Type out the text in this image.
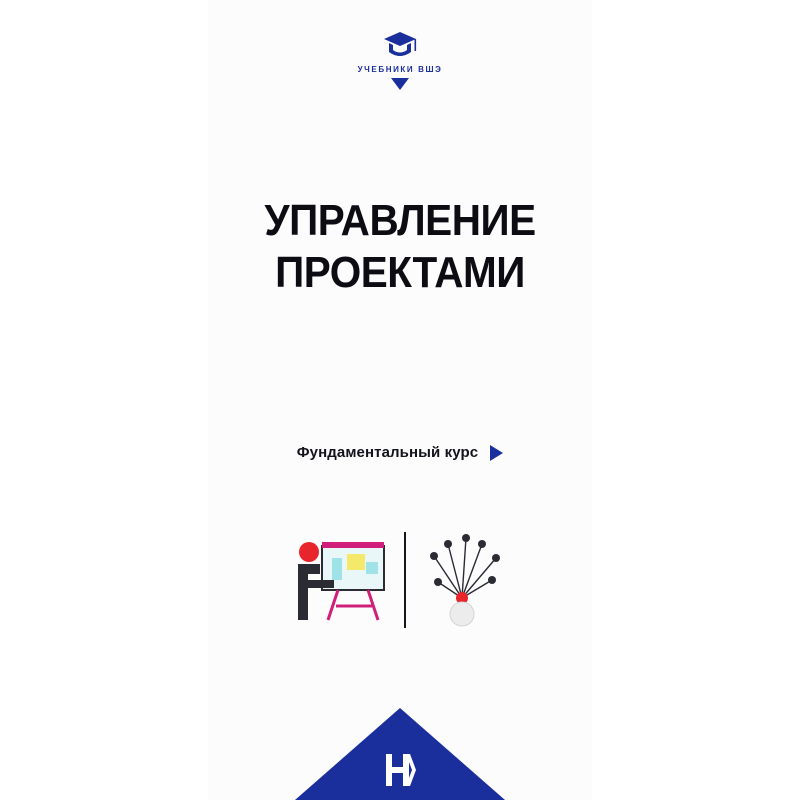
УЧЕБНИКИ ВШЭ
УПРАВЛЕНИЕ
ПРОЕКТАМИ
Фундаментальный курс
